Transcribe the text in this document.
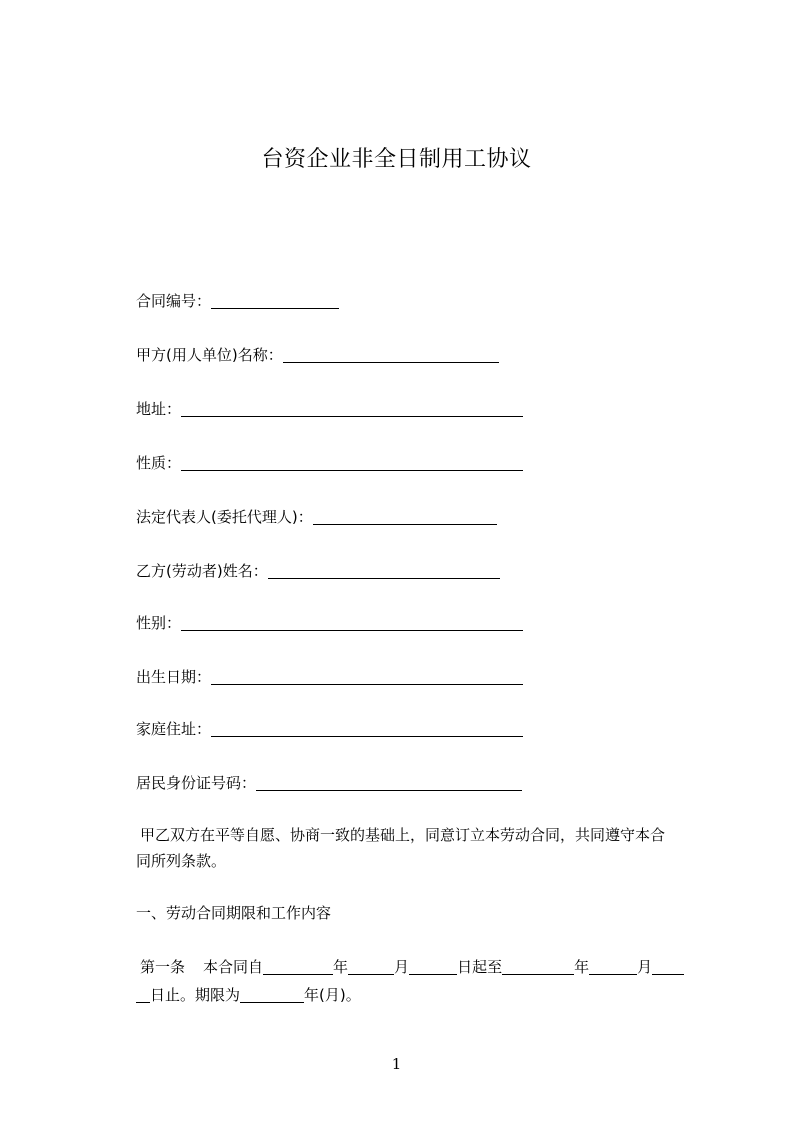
台资企业非全日制用工协议
合同编号：
甲方(用人单位)名称：
地址：
性质：
法定代表人(委托代理人)：
乙方(劳动者)姓名：
性别：
出生日期：
家庭住址：
居民身份证号码：
甲乙双方在平等自愿、协商一致的基础上，同意订立本劳动合同，共同遵守本合
同所列条款。
一、劳动合同期限和工作内容
第一条 本合同自	年	月	日起至	年	月
日止。期限为	年(月)。
1
